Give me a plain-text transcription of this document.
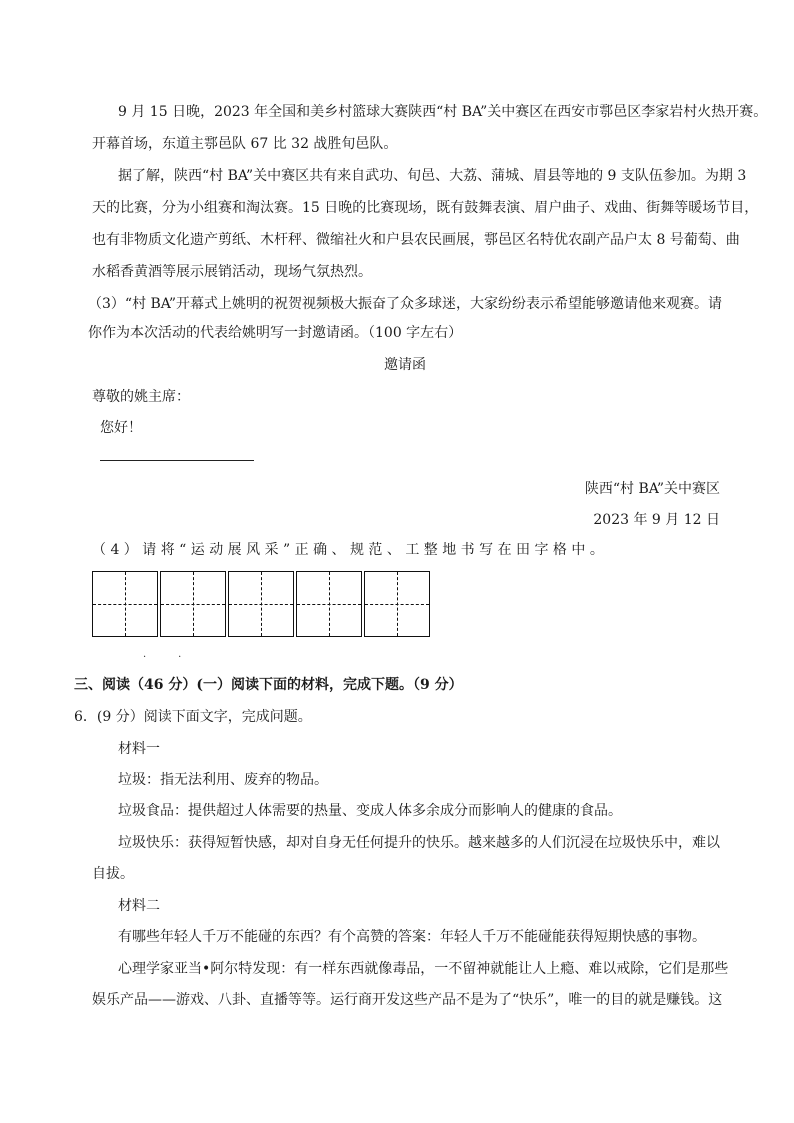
9 月 15 日晚，2023 年全国和美乡村篮球大赛陕西“村 BA”关中赛区在西安市鄠邑区李家岩村火热开赛。
开幕首场，东道主鄠邑队 67 比 32 战胜旬邑队。
据了解，陕西“村 BA”关中赛区共有来自武功、旬邑、大荔、蒲城、眉县等地的 9 支队伍参加。为期 3
天的比赛，分为小组赛和淘汰赛。15 日晚的比赛现场，既有鼓舞表演、眉户曲子、戏曲、街舞等暖场节目，
也有非物质文化遗产剪纸、木杆秤、微缩社火和户县农民画展，鄠邑区名特优农副产品户太 8 号葡萄、曲
水稻香黄酒等展示展销活动，现场气氛热烈。
（3）“村 BA”开幕式上姚明的祝贺视频极大振奋了众多球迷，大家纷纷表示希望能够邀请他来观赛。请
你作为本次活动的代表给姚明写一封邀请函。（100 字左右）
邀请函
尊敬的姚主席：
您好！
陕西“村 BA”关中赛区
2023 年 9 月 12 日
（ 4 ） 请 将 “ 运 动 展 风 采 ” 正 确 、 规 范 、 工 整 地 书 写 在 田 字 格 中 。
··
三、阅读（46 分）(一）阅读下面的材料，完成下题。（9 分）
6．(9 分）阅读下面文字，完成问题。
材料一
垃圾：指无法利用、废弃的物品。
垃圾食品：提供超过人体需要的热量、变成人体多余成分而影响人的健康的食品。
垃圾快乐：获得短暂快感，却对自身无任何提升的快乐。越来越多的人们沉浸在垃圾快乐中，难以
自拔。
材料二
有哪些年轻人千万不能碰的东西？有个高赞的答案：年轻人千万不能碰能获得短期快感的事物。
心理学家亚当•阿尔特发现：有一样东西就像毒品，一不留神就能让人上瘾、难以戒除，它们是那些
娱乐产品——游戏、八卦、直播等等。运行商开发这些产品不是为了“快乐”，唯一的目的就是赚钱。这
